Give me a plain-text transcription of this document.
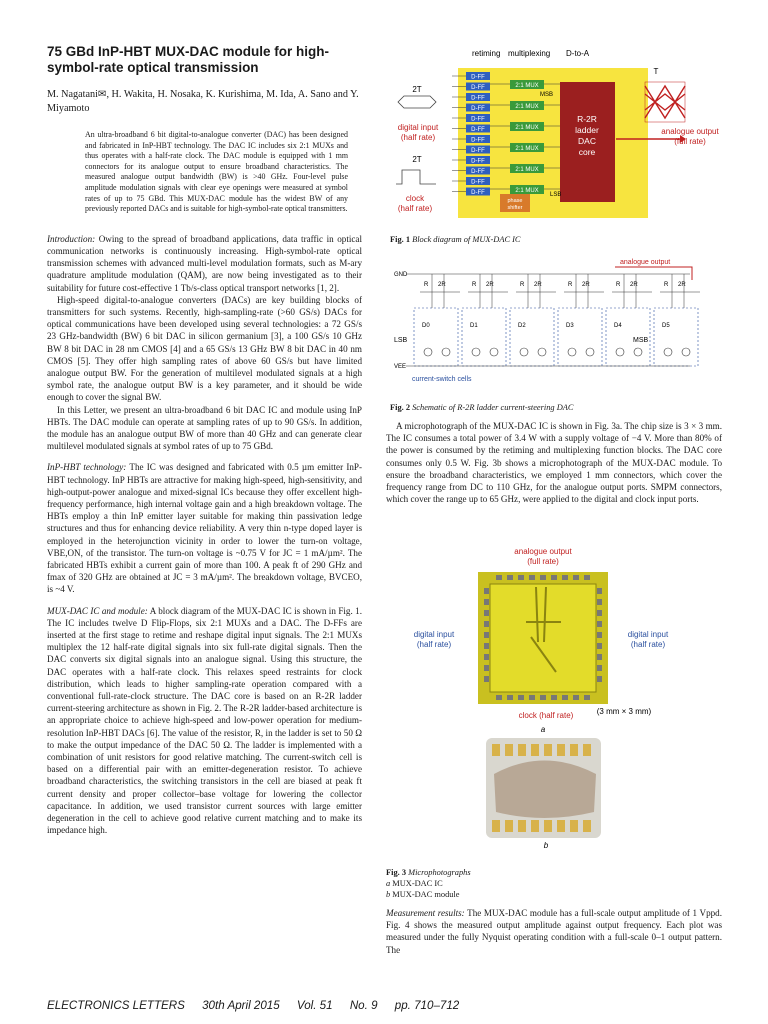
75 GBd InP-HBT MUX-DAC module for high-symbol-rate optical transmission
M. Nagatani✉, H. Wakita, H. Nosaka, K. Kurishima, M. Ida, A. Sano and Y. Miyamoto
An ultra-broadband 6 bit digital-to-analogue converter (DAC) has been designed and fabricated in InP-HBT technology. The DAC IC includes six 2:1 MUXs and thus operates with a half-rate clock. The DAC module is equipped with 1 mm connectors for its analogue output to ensure broadband characteristics. The measured analogue output bandwidth (BW) is >40 GHz. Four-level pulse amplitude modulation signals with clear eye openings were measured at symbol rates of up to 75 GBd. This MUX-DAC module has the widest BW of any previously reported DACs and is suitable for high-symbol-rate optical transmitters.

Introduction: Owing to the spread of broadband applications, data traffic in optical communication networks is continuously increasing. High-symbol-rate optical transmission schemes with advanced multi-level modulation formats, such as M-ary quadrature amplitude modulation (QAM), are now being investigated as to their suitability for future cost-effective 1 Tb/s-class optical transport networks [1, 2].

High-speed digital-to-analogue converters (DACs) are key building blocks of transmitters for such systems. Recently, high-sampling-rate (>60 GS/s) DACs for optical communications have been developed using several technologies: a 72 GS/s 23 GHz-bandwidth (BW) 6 bit DAC in silicon germanium [3], a 100 GS/s 10 GHz BW 8 bit DAC in 28 nm CMOS [4] and a 65 GS/s 13 GHz BW 8 bit DAC in 40 nm CMOS [5]. They offer high sampling rates of above 60 GS/s but have limited analogue output BW. For the generation of multilevel modulated signals at a high symbol rate, the analogue output BW is a key parameter, and it should be wide enough to cover the signal BW.

In this Letter, we present an ultra-broadband 6 bit DAC IC and module using InP HBTs. The DAC module can operate at sampling rates of up to 90 GS/s. In addition, the module has an analogue output BW of more than 40 GHz and can generate clear multilevel modulated signals at symbol rates of up to 75 GBd.

InP-HBT technology: The IC was designed and fabricated with 0.5 µm emitter InP-HBT technology. InP HBTs are attractive for making high-speed, high-sensitivity, and high-output-power analogue and mixed-signal ICs because they offer excellent high-frequency performance, high internal voltage gain and a high breakdown voltage. The HBTs employ a thin InP emitter layer suitable for making thin passivation ledge structures and thus for enhancing device reliability. A very thin n-type doped layer is employed in the heterojunction vicinity in order to lower the turn-on voltage, VBE,ON, of the transistor. The turn-on voltage is ~0.75 V for JC = 1 mA/µm². The fabricated HBTs exhibit a current gain of more than 100. A peak ft of 290 GHz and fmax of 320 GHz are obtained at JC = 3 mA/µm². The breakdown voltage, BVCEO, is ~4 V.

MUX-DAC IC and module: A block diagram of the MUX-DAC IC is shown in Fig. 1. The IC includes twelve D Flip-Flops, six 2:1 MUXs and a DAC. The D-FFs are inserted at the first stage to retime and reshape digital input signals. The 2:1 MUXs multiplex the 12 half-rate digital signals into six full-rate digital signals. Then the DAC converts six digital signals into an analogue signal. Using this structure, the DAC operates with a half-rate clock. This relaxes speed restraints for clock distribution, which leads to higher sampling-rate operation compared with a conventional full-rate-clock structure. The DAC core is based on an R-2R ladder current-steering architecture as shown in Fig. 2. The R-2R ladder-based architecture is an appropriate choice to achieve high-speed and low-power operation for medium-resolution InP-HBT DACs [6]. The value of the resistor, R, in the ladder is set to 50 Ω to make the output impedance of the DAC 50 Ω. The ladder is implemented with a combination of unit resistors for good relative matching. The current-switch cell is based on a differential pair with an emitter-degeneration resistor. To achieve broadband characteristics, the switching transistors in the cell are biased at peak ft current density and proper collector–base voltage for lowering the collector capacitance. In addition, we used transistor current sources with large emitter degeneration in the cell to achieve good relative current matching and to make its impedance high.

retiming multiplexing D-to-A
D-FF
D-FF
D-FF
D-FF
D-FF
D-FF
D-FF
D-FF
D-FF
D-FF
D-FF
D-FF
2:1 MUX
2:1 MUX
2:1 MUX
2:1 MUX
2:1 MUX
2:1 MUX
R-2R
ladder
DAC
core
MSB
LSB
phase
shifter
analogue output
(full rate)
2T
digital input
(half rate)
2T
clock
(half rate)
T
Fig. 1 Block diagram of MUX-DAC IC
analogue output
GND
D0
R 2R
D1
R 2R
D2
R 2R
D3
R 2R
D4
R 2R
D5
R 2R
LSB	MSB
VEE
current-switch cells
Fig. 2 Schematic of R-2R ladder current-steering DAC

A microphotograph of the MUX-DAC IC is shown in Fig. 3a. The chip size is 3 × 3 mm. The IC consumes a total power of 3.4 W with a supply voltage of −4 V. More than 80% of the power is consumed by the retiming and multiplexing function blocks. The DAC core consumes only 0.5 W. Fig. 3b shows a microphotograph of the MUX-DAC module. To ensure the broadband characteristics, we employed 1 mm connectors, which cover the frequency range from DC to 110 GHz, for the analogue output ports. SMPM connectors, which cover the range up to 65 GHz, were applied to the digital and clock input ports.

analogue output
(full rate)
digital input
(half rate)
digital input
(half rate)
clock (half rate)	(3 mm × 3 mm)
a
b
Fig. 3 Microphotographs
a MUX-DAC IC
b MUX-DAC module

Measurement results: The MUX-DAC module has a full-scale output amplitude of 1 Vppd. Fig. 4 shows the measured output amplitude against output frequency. Each plot was measured under the fully Nyquist operating condition with a full-scale 0–1 output pattern. The

ELECTRONICS LETTERS 30th April 2015 Vol. 51 No. 9 pp. 710–712
